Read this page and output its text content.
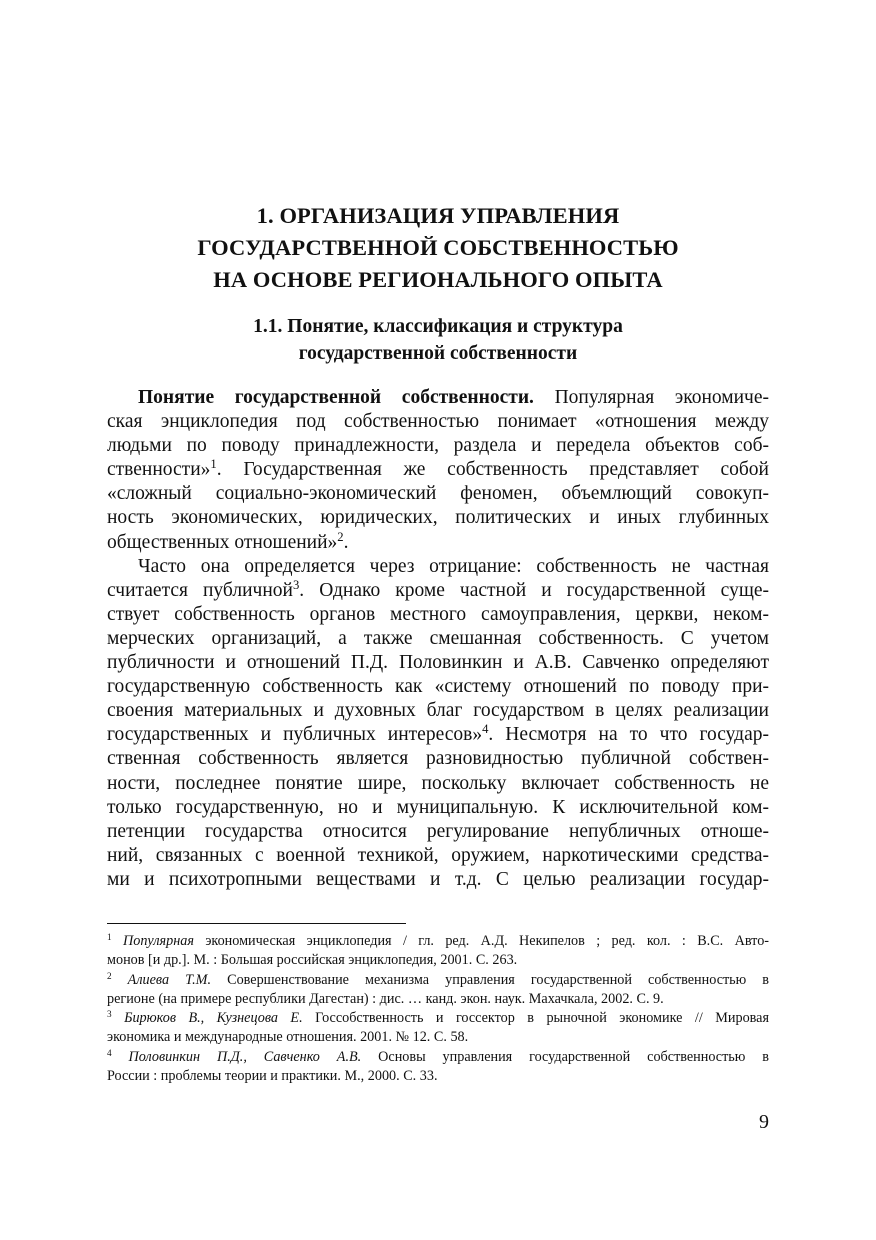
1. ОРГАНИЗАЦИЯ УПРАВЛЕНИЯ
ГОСУДАРСТВЕННОЙ СОБСТВЕННОСТЬЮ
НА ОСНОВЕ РЕГИОНАЛЬНОГО ОПЫТА
1.1. Понятие, классификация и структура
государственной собственности
Понятие государственной собственности. Популярная экономиче-
ская энциклопедия под собственностью понимает «отношения между
людьми по поводу принадлежности, раздела и передела объектов соб-
ственности»$^1$. Государственная же собственность представляет собой
«сложный социально-экономический феномен, объемлющий совокуп-
ность экономических, юридических, политических и иных глубинных
общественных отношений»$^2$.
Часто она определяется через отрицание: собственность не частная
считается публичной$^3$. Однако кроме частной и государственной суще-
ствует собственность органов местного самоуправления, церкви, неком-
мерческих организаций, а также смешанная собственность. С учетом
публичности и отношений П.Д. Половинкин и А.В. Савченко определяют
государственную собственность как «систему отношений по поводу при-
своения материальных и духовных благ государством в целях реализации
государственных и публичных интересов»$^4$. Несмотря на то что государ-
ственная собственность является разновидностью публичной собствен-
ности, последнее понятие шире, поскольку включает собственность не
только государственную, но и муниципальную. К исключительной ком-
петенции государства относится регулирование непубличных отноше-
ний, связанных с военной техникой, оружием, наркотическими средства-
ми и психотропными веществами и т.д. С целью реализации государ-
$^1$ Популярная экономическая энциклопедия / гл. ред. А.Д. Некипелов ; ред. кол. : В.С. Авто-
монов [и др.]. М. : Большая российская энциклопедия, 2001. С. 263.
$^2$ Алиева Т.М. Совершенствование механизма управления государственной собственностью в
регионе (на примере республики Дагестан) : дис. … канд. экон. наук. Махачкала, 2002. С. 9.
$^3$ Бирюков В., Кузнецова Е. Госсобственность и госсектор в рыночной экономике // Мировая
экономика и международные отношения. 2001. № 12. С. 58.
$^4$ Половинкин П.Д., Савченко А.В. Основы управления государственной собственностью в
России : проблемы теории и практики. М., 2000. С. 33.
9
